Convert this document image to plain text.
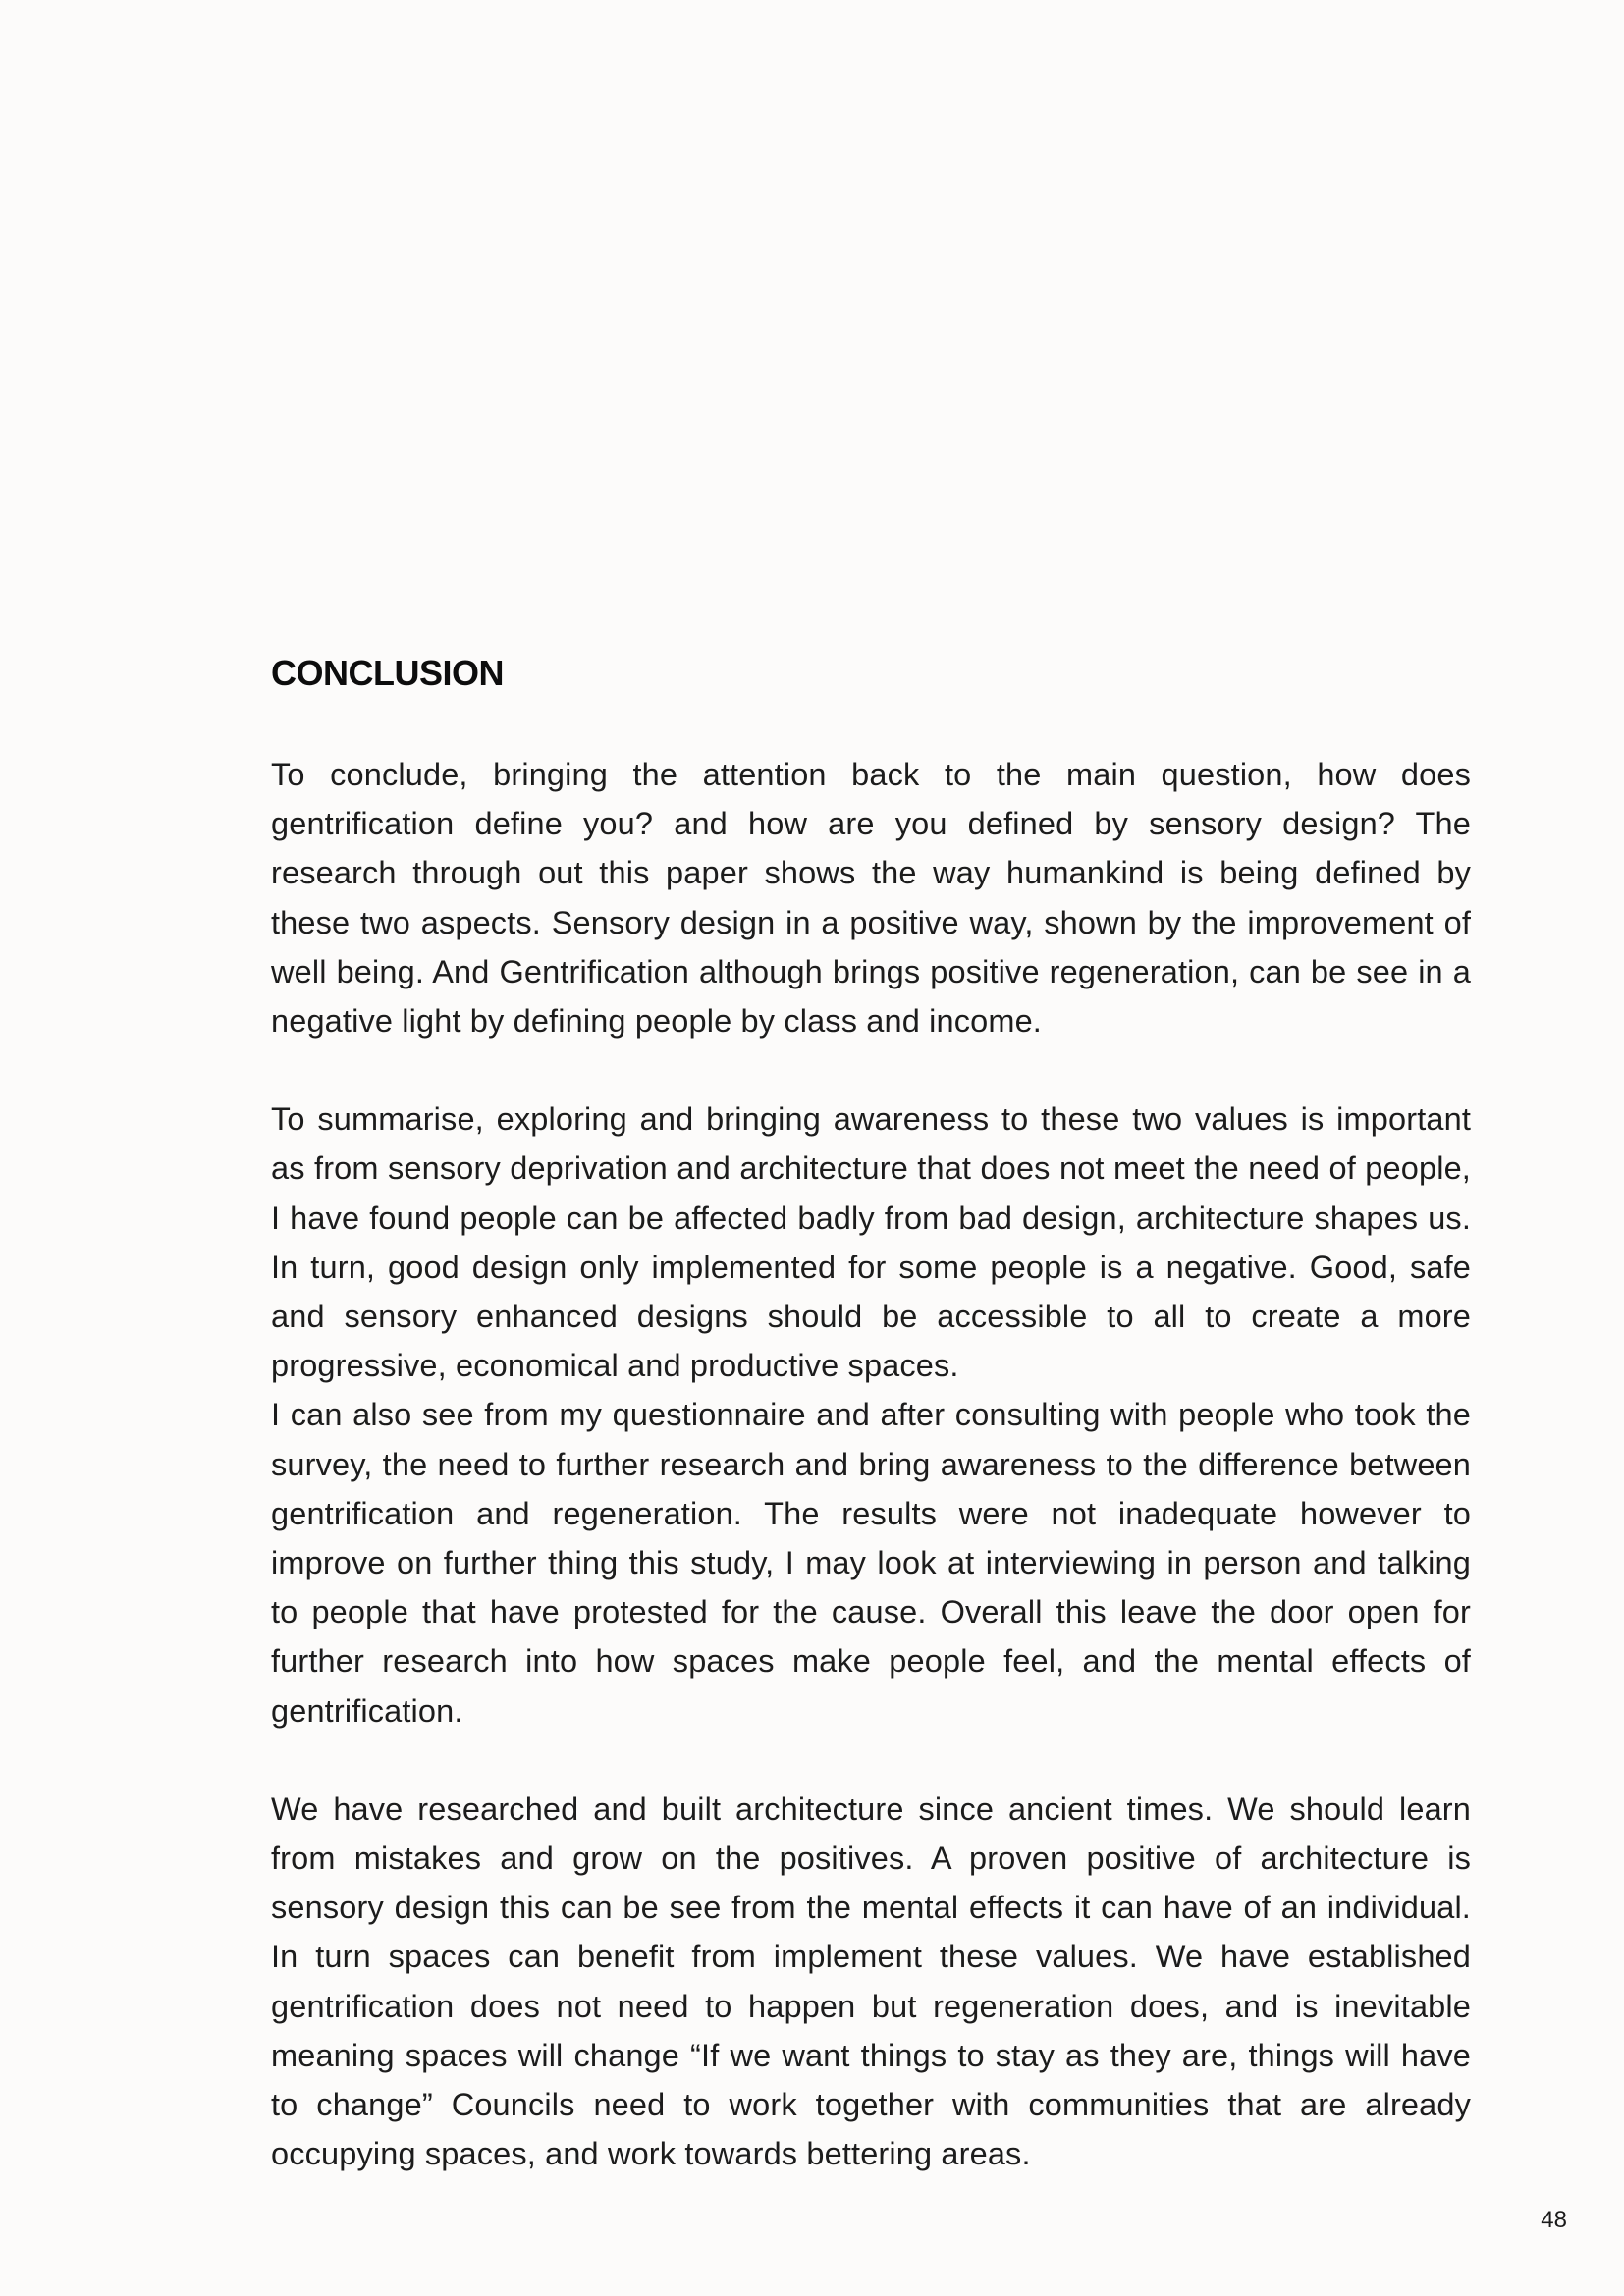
CONCLUSION

To conclude, bringing the attention back to the main question, how does gentrification define you? and how are you defined by sensory design? The research through out this paper shows the way humankind is being defined by these two aspects. Sensory design in a positive way, shown by the improvement of well being. And Gentrification although brings positive regeneration, can be see in a negative light by defining people by class and income.

To summarise, exploring and bringing awareness to these two values is important as from sensory deprivation and architecture that does not meet the need of people, I have found people can be affected badly from bad design, architecture shapes us. In turn, good design only implemented for some people is a negative. Good, safe and sensory enhanced designs should be accessible to all to create a more progressive, economical and productive spaces.

I can also see from my questionnaire and after consulting with people who took the survey, the need to further research and bring awareness to the difference between gentrification and regeneration. The results were not inadequate however to improve on further thing this study, I may look at interviewing in person and talking to people that have protested for the cause. Overall this leave the door open for further research into how spaces make people feel, and the mental effects of gentrification.

We have researched and built architecture since ancient times. We should learn from mistakes and grow on the positives. A proven positive of architecture is sensory design this can be see from the mental effects it can have of an individual. In turn spaces can benefit from implement these values. We have established gentrification does not need to happen but regeneration does, and is inevitable meaning spaces will change “If we want things to stay as they are, things will have to change” Councils need to work together with communities that are already occupying spaces, and work towards bettering areas.

48
